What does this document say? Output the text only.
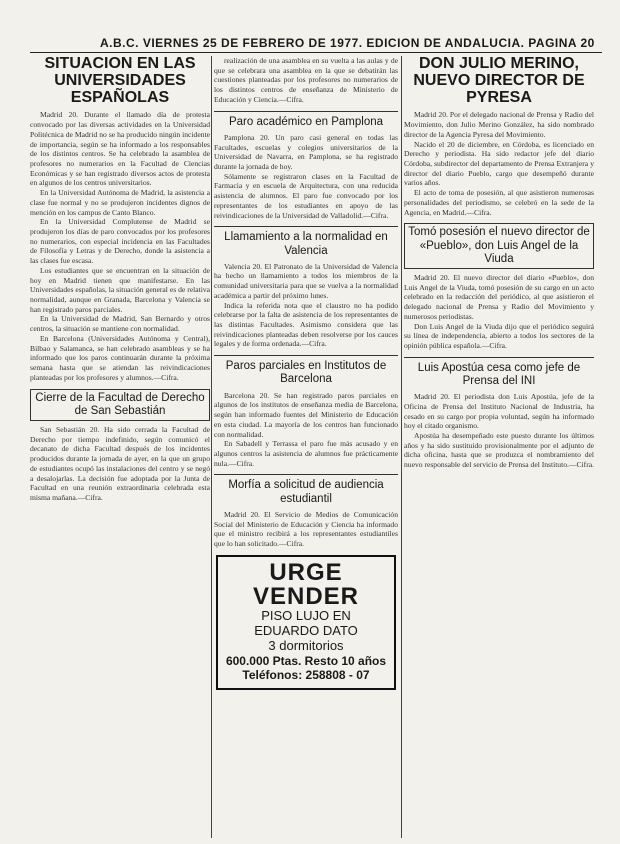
A.B.C. VIERNES 25 DE FEBRERO DE 1977. EDICION DE ANDALUCIA. PAGINA 20
SITUACION EN LAS UNIVERSIDADES ESPAÑOLAS

Madrid 20. Durante el llamado día de protesta convocado por las diversas actividades en la Universidad Politécnica de Madrid no se ha producido ningún incidente de importancia, según se ha informado a los responsables de los distintos centros. Se ha celebrado la asamblea de profesores no numerarios en la Facultad de Ciencias Económicas y se han registrado diversos actos de protesta en algunos de los centros universitarios.

En la Universidad Autónoma de Madrid, la asistencia a clase fue normal y no se produjeron incidentes dignos de mención en los campus de Canto Blanco.

En la Universidad Complutense de Madrid se produjeron los días de paro convocados por los profesores no numerarios, con especial incidencia en las Facultades de Filosofía y Letras y de Derecho, donde la asistencia a las clases fue escasa.

Los estudiantes que se encuentran en la situación de hoy en Madrid tienen que manifestarse. En las Universidades españolas, la situación general es de relativa normalidad, aunque en Granada, Barcelona y Valencia se han registrado paros parciales.

En la Universidad de Madrid, San Bernardo y otros centros, la situación se mantiene con normalidad.

En Barcelona (Universidades Autónoma y Central), Bilbao y Salamanca, se han celebrado asambleas y se ha informado que los paros continuarán durante la próxima semana hasta que se atiendan las reivindicaciones planteadas por los profesores y alumnos.—Cifra.

Cierre de la Facultad de Derecho de San Sebastián

San Sebastián 20. Ha sido cerrada la Facultad de Derecho por tiempo indefinido, según comunicó el decanato de dicha Facultad después de los incidentes producidos durante la jornada de ayer, en la que un grupo de estudiantes ocupó las instalaciones del centro y se negó a desalojarlas. La decisión fue adoptada por la Junta de Facultad en una reunión extraordinaria celebrada esta misma mañana.—Cifra.

realización de una asamblea en su vuelta a las aulas y de que se celebrara una asamblea en la que se debatirán las cuestiones planteadas por los profesores no numerarios de los distintos centros de enseñanza de Ministerio de Educación y Ciencia.—Cifra.

Paro académico en Pamplona

Pamplona 20. Un paro casi general en todas las Facultades, escuelas y colegios universitarios de la Universidad de Navarra, en Pamplona, se ha registrado durante la jornada de hoy.

Sólamente se registraron clases en la Facultad de Farmacia y en escuela de Arquitectura, con una reducida asistencia de alumnos. El paro fue convocado por los representantes de los estudiantes en apoyo de las reivindicaciones de la Universidad de Valladolid.—Cifra.

Llamamiento a la normalidad en Valencia

Valencia 20. El Patronato de la Universidad de Valencia ha hecho un llamamiento a todos los miembros de la comunidad universitaria para que se vuelva a la normalidad académica a partir del próximo lunes.

Indica la referida nota que el claustro no ha podido celebrarse por la falta de asistencia de los representantes de las distintas Facultades. Asimismo considera que las reivindicaciones planteadas deben resolverse por los cauces legales y de forma ordenada.—Cifra.

Paros parciales en Institutos de Barcelona

Barcelona 20. Se han registrado paros parciales en algunos de los institutos de enseñanza media de Barcelona, según han informado fuentes del Ministerio de Educación en esta ciudad. La mayoría de los centros han funcionado con normalidad.

En Sabadell y Terrassa el paro fue más acusado y en algunos centros la asistencia de alumnos fue prácticamente nula.—Cifra.

Morfía a solicitud de audiencia estudiantil

Madrid 20. El Servicio de Medios de Comunicación Social del Ministerio de Educación y Ciencia ha informado que el ministro recibirá a los representantes estudiantiles que lo han solicitado.—Cifra.

URGE VENDER
PISO LUJO EN
EDUARDO DATO
3 dormitorios
600.000 Ptas. Resto 10 años
Teléfonos: 258808 - 07
DON JULIO MERINO, NUEVO DIRECTOR DE PYRESA

Madrid 20. Por el delegado nacional de Prensa y Radio del Movimiento, don Julio Merino González, ha sido nombrado director de la Agencia Pyresa del Movimiento.

Nacido el 20 de diciembre, en Córdoba, es licenciado en Derecho y periodista. Ha sido redactor jefe del diario Córdoba, subdirector del departamento de Prensa Extranjera y director del diario Pueblo, cargo que desempeñó durante varios años.

El acto de toma de posesión, al que asistieron numerosas personalidades del periodismo, se celebró en la sede de la Agencia, en Madrid.—Cifra.

Tomó posesión el nuevo director de «Pueblo», don Luis Angel de la Viuda

Madrid 20. El nuevo director del diario «Pueblo», don Luis Angel de la Viuda, tomó posesión de su cargo en un acto celebrado en la redacción del periódico, al que asistieron el delegado nacional de Prensa y Radio del Movimiento y numerosos periodistas.

Don Luis Angel de la Viuda dijo que el periódico seguirá su línea de independencia, abierto a todos los sectores de la opinión pública española.—Cifra.

Luis Apostúa cesa como jefe de Prensa del INI

Madrid 20. El periodista don Luis Apostúa, jefe de la Oficina de Prensa del Instituto Nacional de Industria, ha cesado en su cargo por propia voluntad, según ha informado hoy el citado organismo.

Apostúa ha desempeñado este puesto durante los últimos años y ha sido sustituido provisionalmente por el adjunto de dicha oficina, hasta que se produzca el nombramiento del nuevo responsable del servicio de Prensa del Instituto.—Cifra.
